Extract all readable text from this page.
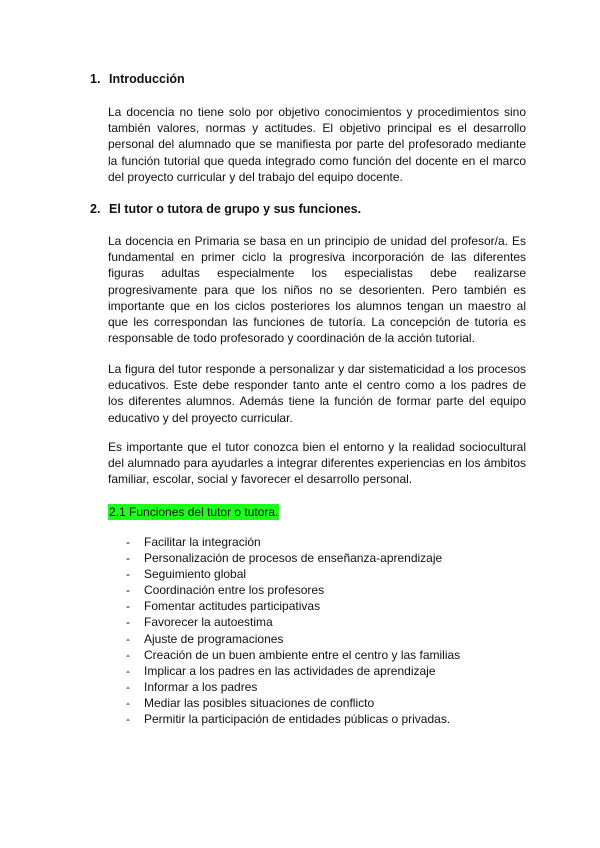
1. Introducción

La docencia no tiene solo por objetivo conocimientos y procedimientos sino también valores, normas y actitudes. El objetivo principal es el desarrollo personal del alumnado que se manifiesta por parte del profesorado mediante la función tutorial que queda integrado como función del docente en el marco del proyecto curricular y del trabajo del equipo docente.

2. El tutor o tutora de grupo y sus funciones.

La docencia en Primaria se basa en un principio de unidad del profesor/a. Es fundamental en primer ciclo la progresiva incorporación de las diferentes figuras adultas especialmente los especialistas debe realizarse progresivamente para que los niños no se desorienten. Pero también es importante que en los ciclos posteriores los alumnos tengan un maestro al que les correspondan las funciones de tutoría. La concepción de tutoria es responsable de todo profesorado y coordinación de la acción tutorial.

La figura del tutor responde a personalizar y dar sistematicidad a los procesos educativos. Este debe responder tanto ante el centro como a los padres de los diferentes alumnos. Además tiene la función de formar parte del equipo educativo y del proyecto curricular.

Es importante que el tutor conozca bien el entorno y la realidad sociocultural del alumnado para ayudarles a integrar diferentes experiencias en los ámbitos familiar, escolar, social y favorecer el desarrollo personal.

2.1 Funciones del tutor o tutora.
-	Facilitar la integración
-	Personalización de procesos de enseñanza-aprendizaje
-	Seguimiento global
-	Coordinación entre los profesores
-	Fomentar actitudes participativas
-	Favorecer la autoestima
-	Ajuste de programaciones
-	Creación de un buen ambiente entre el centro y las familias
-	Implicar a los padres en las actividades de aprendizaje
-	Informar a los padres
-	Mediar las posibles situaciones de conflicto
-	Permitir la participación de entidades públicas o privadas.
